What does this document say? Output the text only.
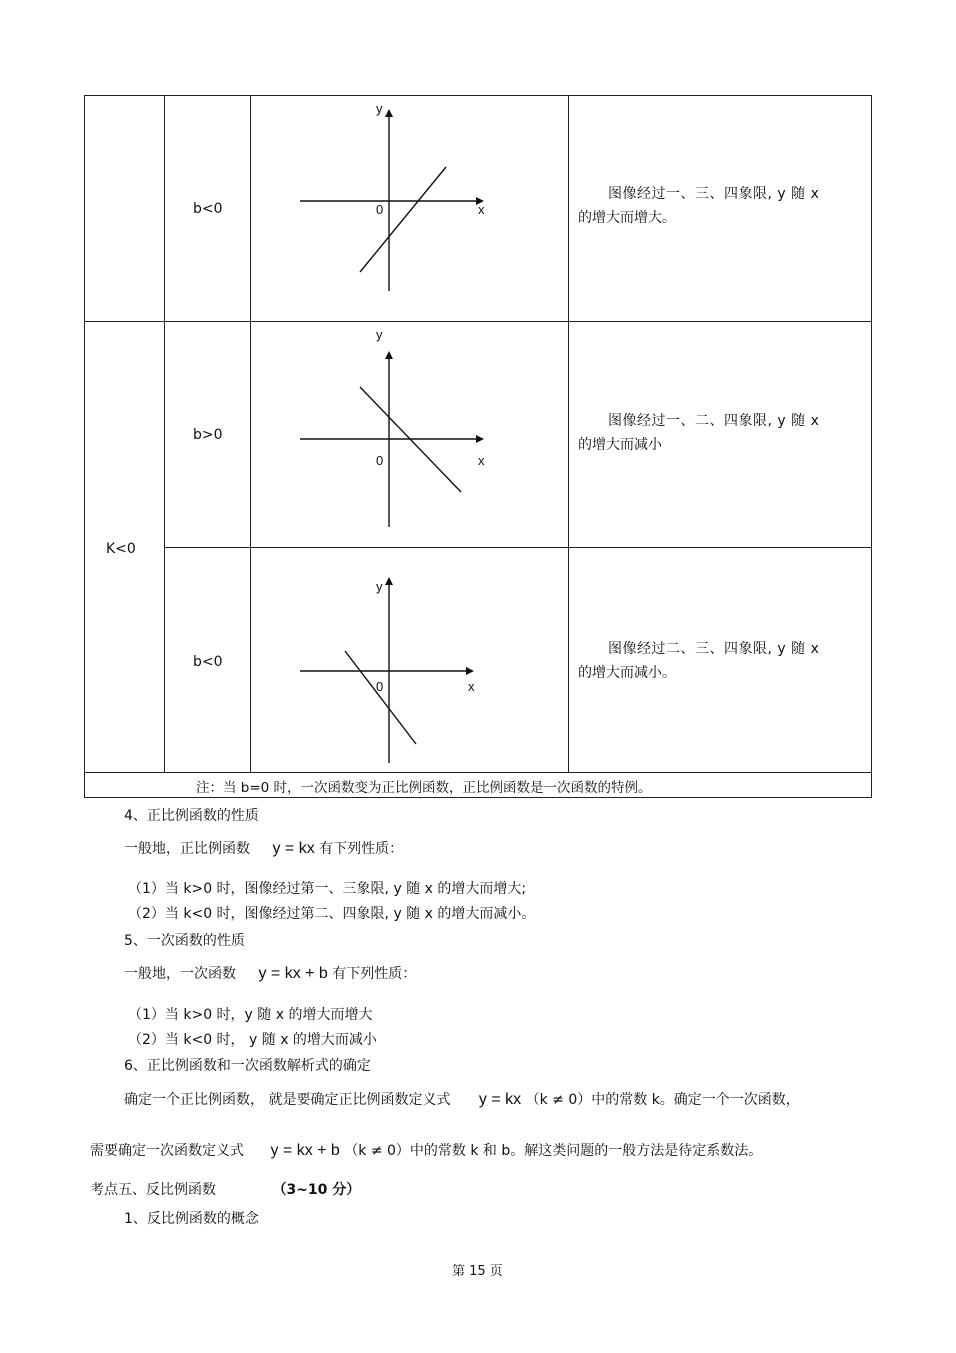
K<0
b<0
y
x
0
图像经过一、三、四象限, y 随 x
的增大而增大。
b>0
y
x
0
图像经过一、二、四象限, y 随 x
的增大而减小
b<0
y
x
0
图像经过二、三、四象限, y 随 x
的增大而减小。
注：当 b=0 时，一次函数变为正比例函数，正比例函数是一次函数的特例。
4、正比例函数的性质
一般地，正比例函数 y = kx 有下列性质：
（1）当 k>0 时，图像经过第一、三象限, y 随 x 的增大而增大;
（2）当 k<0 时，图像经过第二、四象限, y 随 x 的增大而减小。
5、一次函数的性质
一般地，一次函数 y = kx + b 有下列性质：
（1）当 k>0 时，y 随 x 的增大而增大
（2）当 k<0 时， y 随 x 的增大而减小
6、正比例函数和一次函数解析式的确定
确定一个正比例函数， 就是要确定正比例函数定义式 y = kx （k ≠ 0）中的常数 k。确定一个一次函数，
需要确定一次函数定义式 y = kx + b （k ≠ 0）中的常数 k 和 b。解这类问题的一般方法是待定系数法。
考点五、反比例函数	（3~10 分）
1、反比例函数的概念
第 15 页
